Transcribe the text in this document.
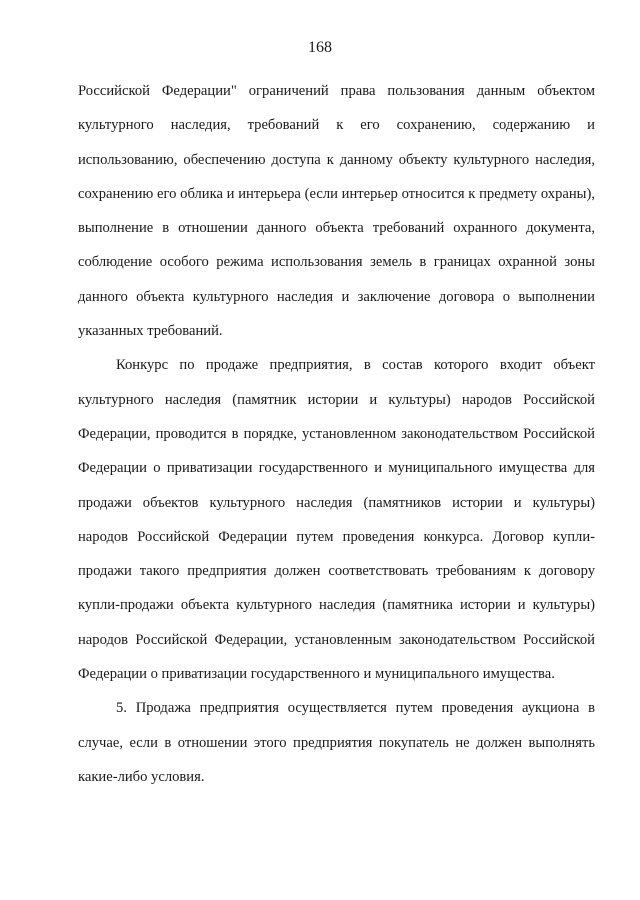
168

Российской Федерации" ограничений права пользования данным объектом культурного наследия, требований к его сохранению, содержанию и использованию, обеспечению доступа к данному объекту культурного наследия, сохранению его облика и интерьера (если интерьер относится к предмету охраны), выполнение в отношении данного объекта требований охранного документа, соблюдение особого режима использования земель в границах охранной зоны данного объекта культурного наследия и заключение договора о выполнении указанных требований.

Конкурс по продаже предприятия, в состав которого входит объект культурного наследия (памятник истории и культуры) народов Российской Федерации, проводится в порядке, установленном законодательством Российской Федерации о приватизации государственного и муниципального имущества для продажи объектов культурного наследия (памятников истории и культуры) народов Российской Федерации путем проведения конкурса. Договор купли-продажи такого предприятия должен соответствовать требованиям к договору купли-продажи объекта культурного наследия (памятника истории и культуры) народов Российской Федерации, установленным законодательством Российской Федерации о приватизации государственного и муниципального имущества.

5. Продажа предприятия осуществляется путем проведения аукциона в случае, если в отношении этого предприятия покупатель не должен выполнять какие-либо условия.
